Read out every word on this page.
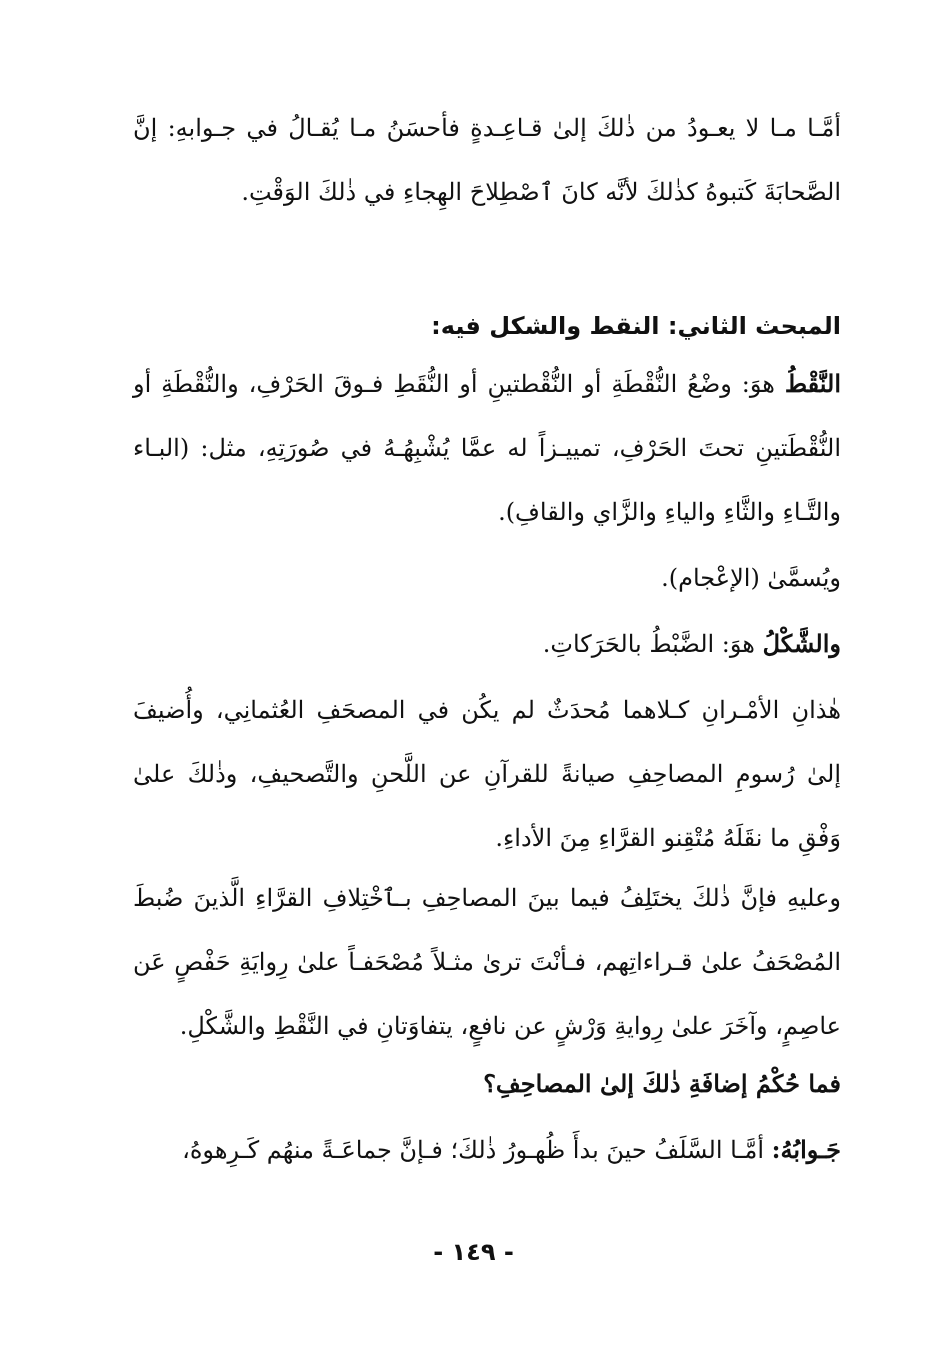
أمَّـا مـا لا يعـودُ من ذٰلكَ إلىٰ قـاعِـدةٍ فأحسَنُ مـا يُقـالُ في جـوابهِ: إنَّ الصَّحابَةَ كَتبوهُ كذٰلكَ لأنَّه كانَ ٱصْطِلاحَ الهِجاءِ في ذٰلكَ الوَقْتِ.

المبحث الثاني: النقط والشكل فيه:

النَّقْطُ هوَ: وضْعُ النُّقْطَةِ أو النُّقْطتينِ أو النُّقَطِ فـوقَ الحَرْفِ، والنُّقْطَةِ أو النُّقْطَتينِ تحتَ الحَرْفِ، تمييـزاً له عمَّا يُشْبِهُـهُ في صُورَتِهِ، مثل: (البـاء والتَّـاءِ والثَّاءِ والياءِ والزَّاي والقافِ).

ويُسمَّىٰ (الإعْجام).

والشَّكْلُ هوَ: الضَّبْطُ بالحَرَكاتِ.

هٰذانِ الأمْـرانِ كـلاهما مُحدَثٌ لم يكُن في المصحَفِ العُثمانِي، وأُضيفَ إلىٰ رُسومِ المصاحِفِ صيانةً للقرآنِ عن اللَّحنِ والتَّصحيفِ، وذٰلكَ علىٰ وَفْقِ ما نقَلَهُ مُتْقِنو القرَّاءِ مِنَ الأداءِ.

وعليهِ فإنَّ ذٰلكَ يختَلِفُ فيما بينَ المصاحِفِ بـٱخْتِلافِ القرَّاءِ الَّذينَ ضُبطَ المُصْحَفُ علىٰ قـراءاتِهم، فـأنْتَ ترىٰ مثـلاً مُصْحَفـاً علىٰ رِوايَةِ حَفْصٍ عَن عاصِمٍ، وآخَرَ علىٰ رِوايةِ وَرْشٍ عن نافعٍ، يتفاوَتانِ في النَّقْطِ والشَّكْلِ.

فما حُكْمُ إضافَةِ ذٰلكَ إلىٰ المصاحِفِ؟

جَـوابُهُ: أمَّـا السَّلَفُ حينَ بدأَ ظُهـورُ ذٰلكَ؛ فـإنَّ جماعَـةً منهُم كَـرِهوهُ،

- ١٤٩ -
